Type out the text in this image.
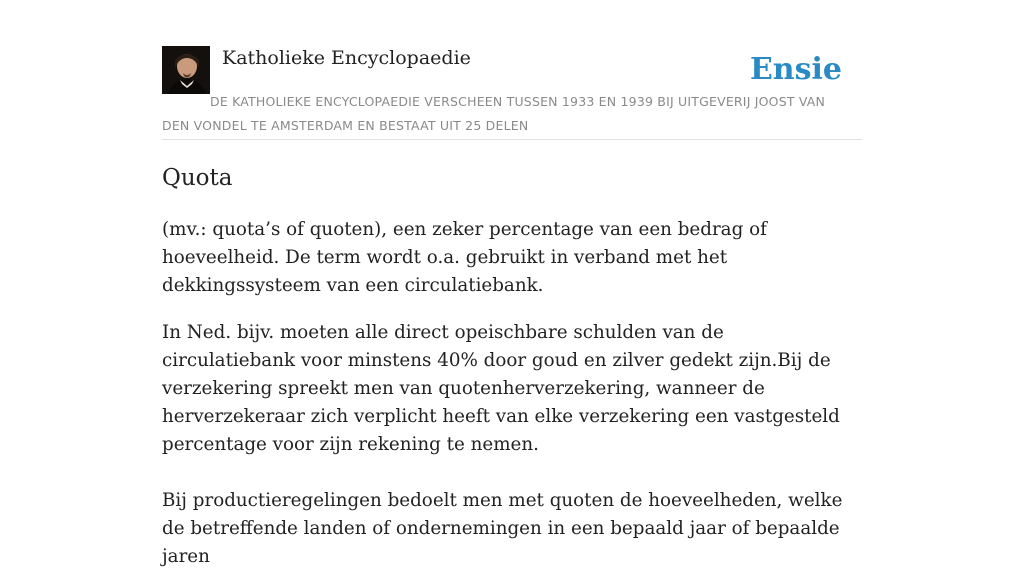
Katholieke Encyclopaedie	Ensie
DE KATHOLIEKE ENCYCLOPAEDIE VERSCHEEN TUSSEN 1933 EN 1939 BIJ UITGEVERIJ JOOST VAN DEN VONDEL TE AMSTERDAM EN BESTAAT UIT 25 DELEN
Quota

(mv.: quota’s of quoten), een zeker percentage van een bedrag of hoeveelheid. De term wordt o.a. gebruikt in verband met het dekkingssysteem van een circulatiebank.

In Ned. bijv. moeten alle direct opeischbare schulden van de circulatiebank voor minstens 40% door goud en zilver gedekt zijn.Bij de verzekering spreekt men van quotenherverzekering, wanneer de herverzekeraar zich verplicht heeft van elke verzekering een vastgesteld percentage voor zijn rekening te nemen.

Bij productieregelingen bedoelt men met quoten de hoeveelheden, welke de betreffende landen of ondernemingen in een bepaald jaar of bepaalde jaren
